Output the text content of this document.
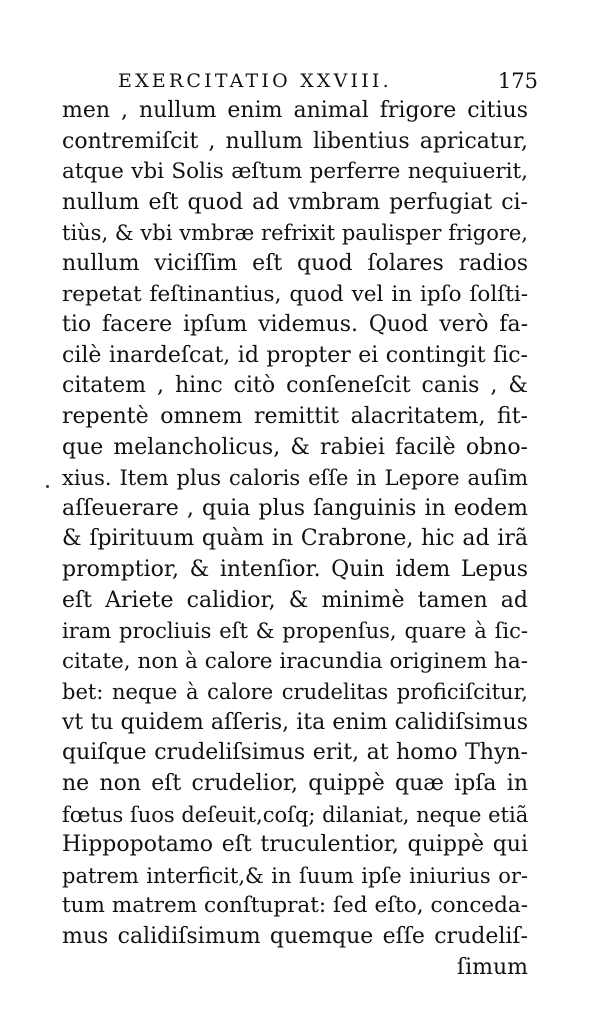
EXERCITATIO XXVIII.	175
men , nullum enim animal frigore citius
contremiſcit , nullum libentius apricatur,
atque vbi Solis æſtum perferre nequiuerit,
nullum eſt quod ad vmbram perfugiat ci-
tiùs, & vbi vmbræ refrixit paulisper frigore,
nullum viciſſim eſt quod ſolares radios
repetat feſtinantius, quod vel in ipſo ſolſti-
tio facere ipſum videmus. Quod verò fa-
cilè inardeſcat, id propter ei contingit ſic-
citatem , hinc citò conſeneſcit canis , &
repentè omnem remittit alacritatem, fit-
que melancholicus, & rabiei facilè obno-
xius. Item plus caloris eſſe in Lepore auſim
aſſeuerare , quia plus ſanguinis in eodem
& ſpirituum quàm in Crabrone, hic ad irã
promptior, & intenſior. Quin idem Lepus
eſt Ariete calidior, & minimè tamen ad
iram procliuis eſt & propenſus, quare à ſic-
citate, non à calore iracundia originem ha-
bet: neque à calore crudelitas proficiſcitur,
vt tu quidem aſſeris, ita enim calidiſsimus
quiſque crudeliſsimus erit, at homo Thyn-
ne non eſt crudelior, quippè quæ ipſa in
fœtus ſuos deſeuit,coſq; dilaniat, neque etiã
Hippopotamo eſt truculentior, quippè qui
patrem interficit,& in ſuum ipſe iniurius or-
tum matrem conſtuprat: ſed eſto, conceda-
mus calidiſsimum quemque eſſe crudeliſ-
ſimum
